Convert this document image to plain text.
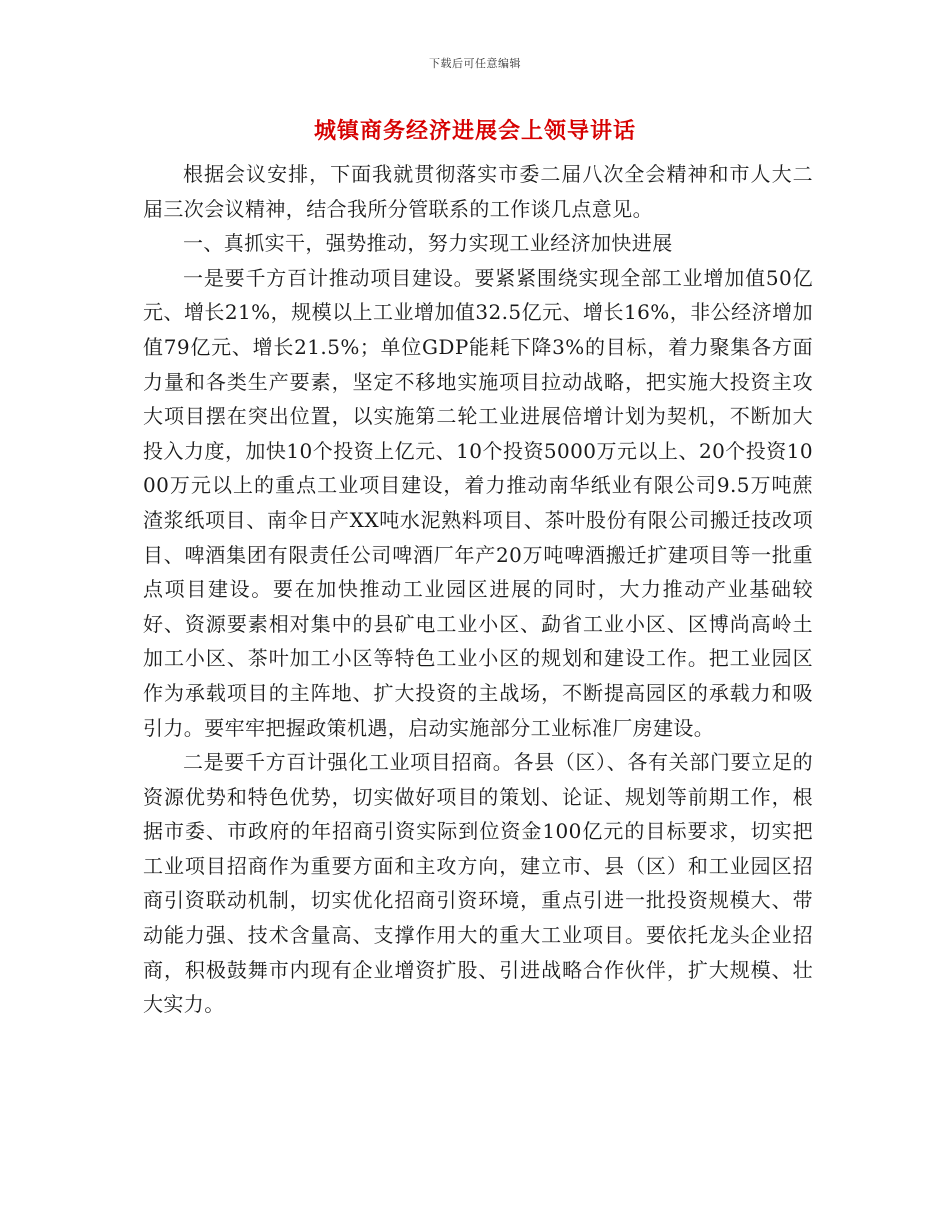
下载后可任意编辑
城镇商务经济进展会上领导讲话

根据会议安排，下面我就贯彻落实市委二届八次全会精神和市人大二届三次会议精神，结合我所分管联系的工作谈几点意见。

一、真抓实干，强势推动，努力实现工业经济加快进展

一是要千方百计推动项目建设。要紧紧围绕实现全部工业增加值50亿元、增长21%，规模以上工业增加值32.5亿元、增长16%，非公经济增加值79亿元、增长21.5%；单位GDP能耗下降3%的目标，着力聚集各方面力量和各类生产要素，坚定不移地实施项目拉动战略，把实施大投资主攻大项目摆在突出位置，以实施第二轮工业进展倍增计划为契机，不断加大投入力度，加快10个投资上亿元、10个投资5000万元以上、20个投资1000万元以上的重点工业项目建设，着力推动南华纸业有限公司9.5万吨蔗渣浆纸项目、南伞日产XX吨水泥熟料项目、茶叶股份有限公司搬迁技改项目、啤酒集团有限责任公司啤酒厂年产20万吨啤酒搬迁扩建项目等一批重点项目建设。要在加快推动工业园区进展的同时，大力推动产业基础较好、资源要素相对集中的县矿电工业小区、勐省工业小区、区博尚高岭土加工小区、茶叶加工小区等特色工业小区的规划和建设工作。把工业园区作为承载项目的主阵地、扩大投资的主战场，不断提高园区的承载力和吸引力。要牢牢把握政策机遇，启动实施部分工业标准厂房建设。

二是要千方百计强化工业项目招商。各县（区）、各有关部门要立足的资源优势和特色优势，切实做好项目的策划、论证、规划等前期工作，根据市委、市政府的年招商引资实际到位资金100亿元的目标要求，切实把工业项目招商作为重要方面和主攻方向，建立市、县（区）和工业园区招商引资联动机制，切实优化招商引资环境，重点引进一批投资规模大、带动能力强、技术含量高、支撑作用大的重大工业项目。要依托龙头企业招商，积极鼓舞市内现有企业增资扩股、引进战略合作伙伴，扩大规模、壮大实力。
